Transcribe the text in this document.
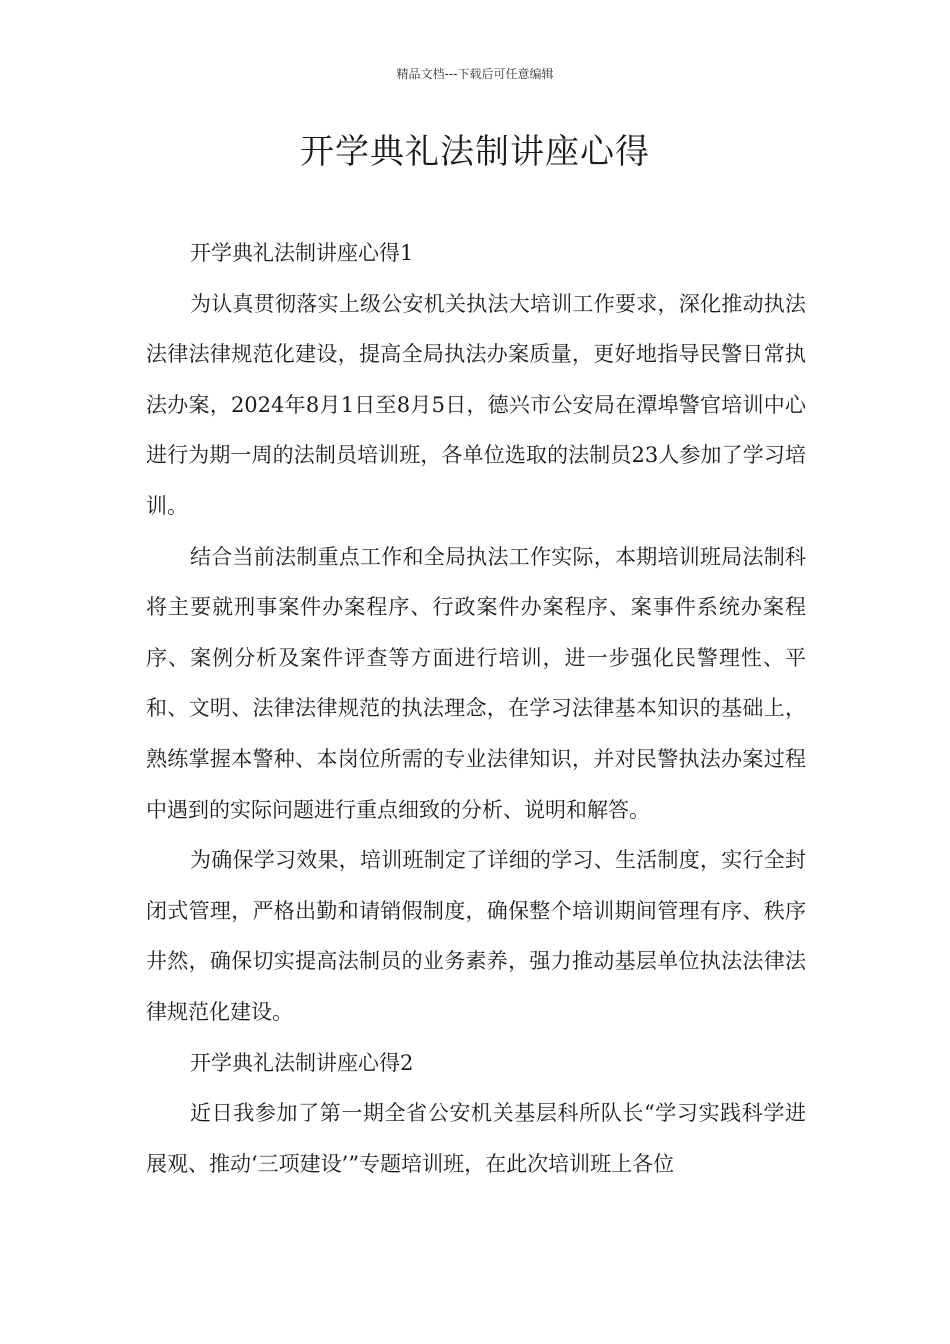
精品文档---下载后可任意编辑
开学典礼法制讲座心得

开学典礼法制讲座心得1

为认真贯彻落实上级公安机关执法大培训工作要求，深化推动执法法律法律规范化建设，提高全局执法办案质量，更好地指导民警日常执法办案，2024年8月1日至8月5日，德兴市公安局在潭埠警官培训中心进行为期一周的法制员培训班，各单位选取的法制员23人参加了学习培训。

结合当前法制重点工作和全局执法工作实际，本期培训班局法制科将主要就刑事案件办案程序、行政案件办案程序、案事件系统办案程序、案例分析及案件评查等方面进行培训，进一步强化民警理性、平和、文明、法律法律规范的执法理念，在学习法律基本知识的基础上，熟练掌握本警种、本岗位所需的专业法律知识，并对民警执法办案过程中遇到的实际问题进行重点细致的分析、说明和解答。

为确保学习效果，培训班制定了详细的学习、生活制度，实行全封闭式管理，严格出勤和请销假制度，确保整个培训期间管理有序、秩序井然，确保切实提高法制员的业务素养，强力推动基层单位执法法律法律规范化建设。

开学典礼法制讲座心得2

近日我参加了第一期全省公安机关基层科所队长“学习实践科学进展观、推动‘三项建设’”专题培训班，在此次培训班上各位
